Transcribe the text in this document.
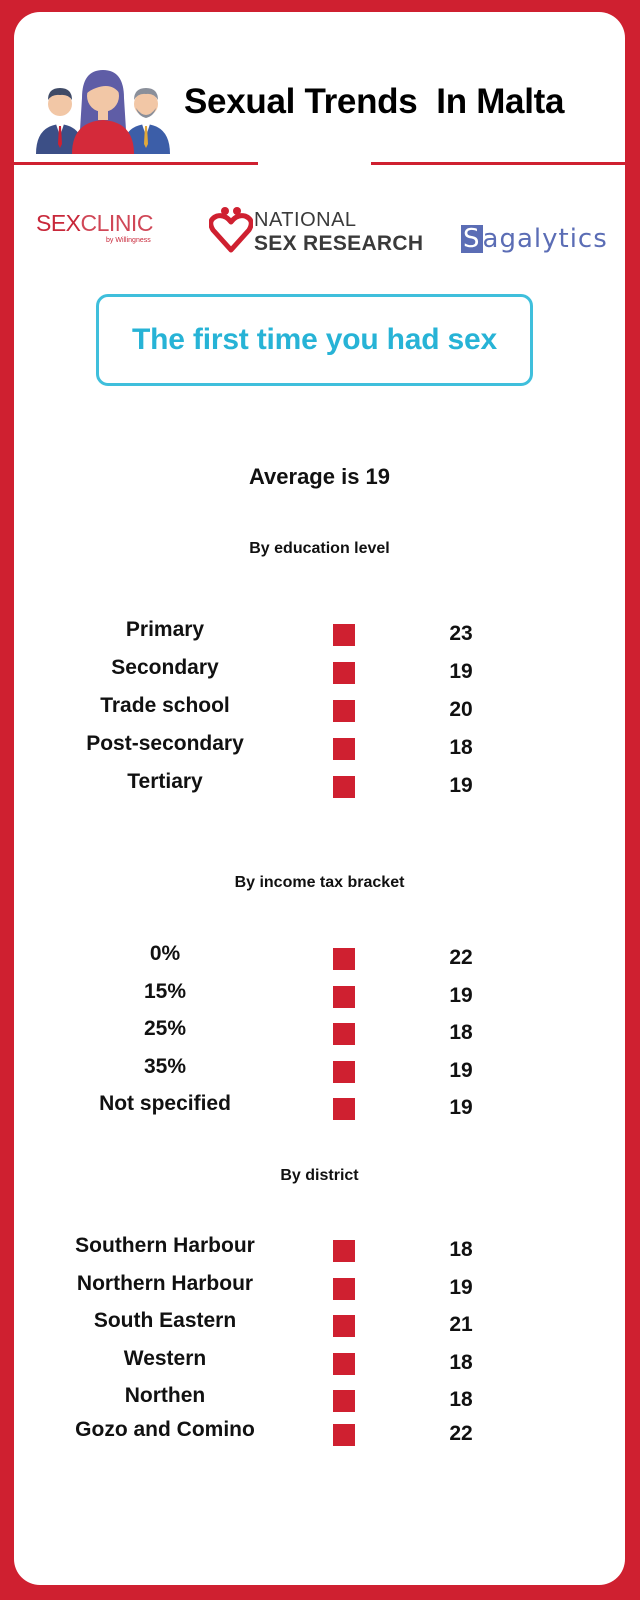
Sexual Trends  In Malta
SEXCLINIC
by Willingness
NATIONAL
SEX RESEARCH Sagalytics
The first time you had sex
Average is 19
By education level
Primary	23
Secondary	19
Trade school	20
Post-secondary	18
Tertiary	19
By income tax bracket
0%	22
15%	19
25%	18
35%	19
Not specified	19
By district
Southern Harbour	18
Northern Harbour	19
South Eastern	21
Western	18
Northen	18
Gozo and Comino	22
